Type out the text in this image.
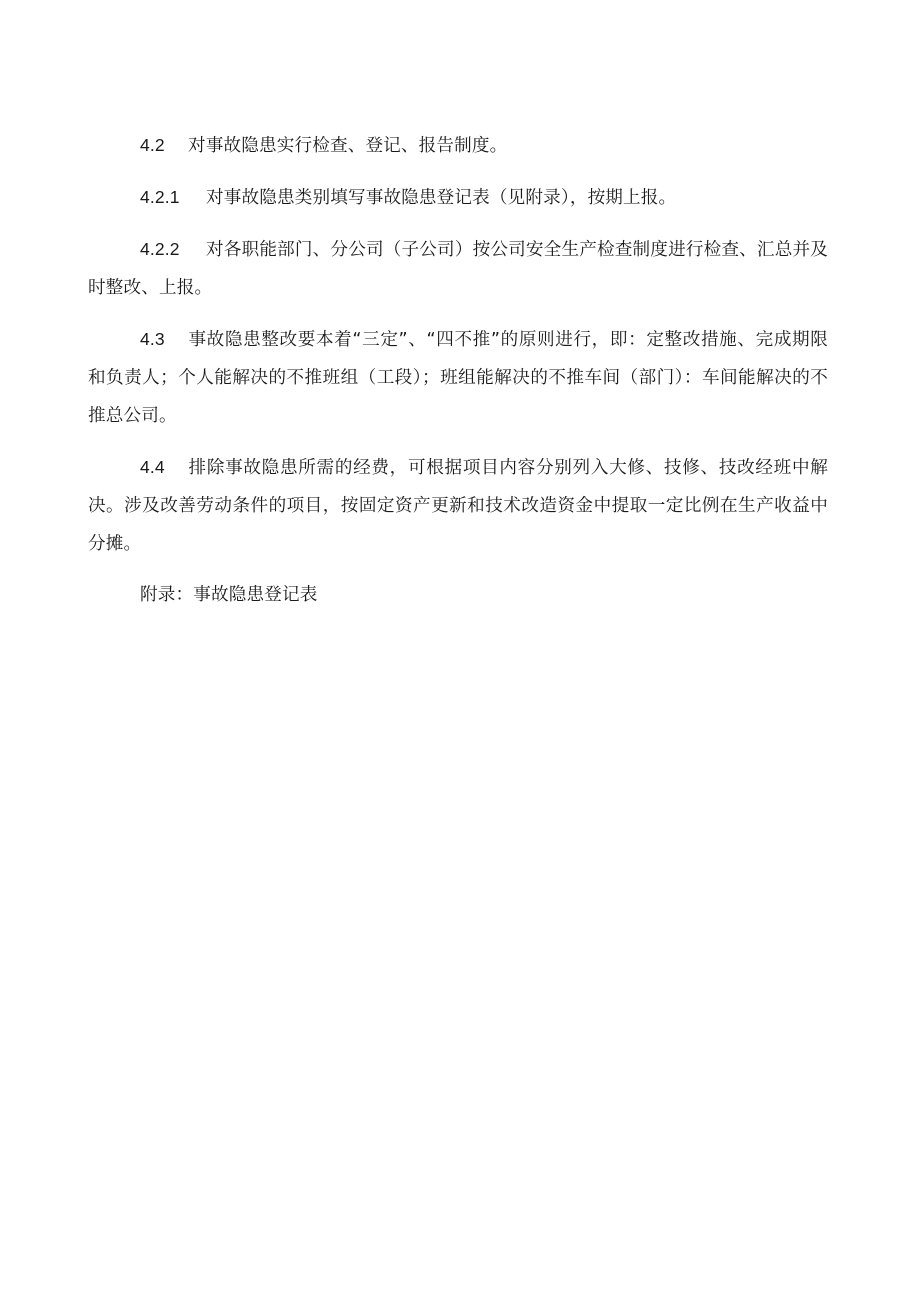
4.2 对事故隐患实行检查、登记、报告制度。

4.2.1 对事故隐患类别填写事故隐患登记表（见附录），按期上报。

4.2.2 对各职能部门、分公司（子公司）按公司安全生产检查制度进行检查、汇总并及时整改、上报。

4.3 事故隐患整改要本着“三定”、“四不推”的原则进行，即：定整改措施、完成期限和负责人；个人能解决的不推班组（工段）；班组能解决的不推车间（部门）：车间能解决的不推总公司。

4.4 排除事故隐患所需的经费，可根据项目内容分别列入大修、技修、技改经班中解决。涉及改善劳动条件的项目，按固定资产更新和技术改造资金中提取一定比例在生产收益中分摊。

附录：事故隐患登记表
